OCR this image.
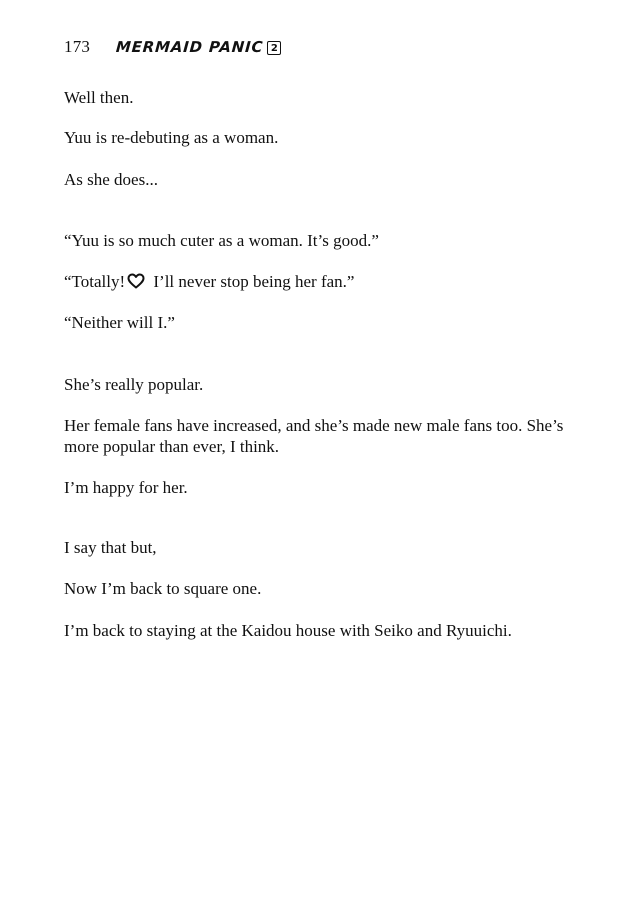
173 MERMAID PANIC 2
Well then.
Yuu is re-debuting as a woman.
As she does...
“Yuu is so much cuter as a woman. It’s good.”
“Totally! I’ll never stop being her fan.”
“Neither will I.”
She’s really popular.
Her female fans have increased, and she’s made new male fans too. She’s more popular than ever, I think.
I’m happy for her.
I say that but,
Now I’m back to square one.
I’m back to staying at the Kaidou house with Seiko and Ryuuichi.
